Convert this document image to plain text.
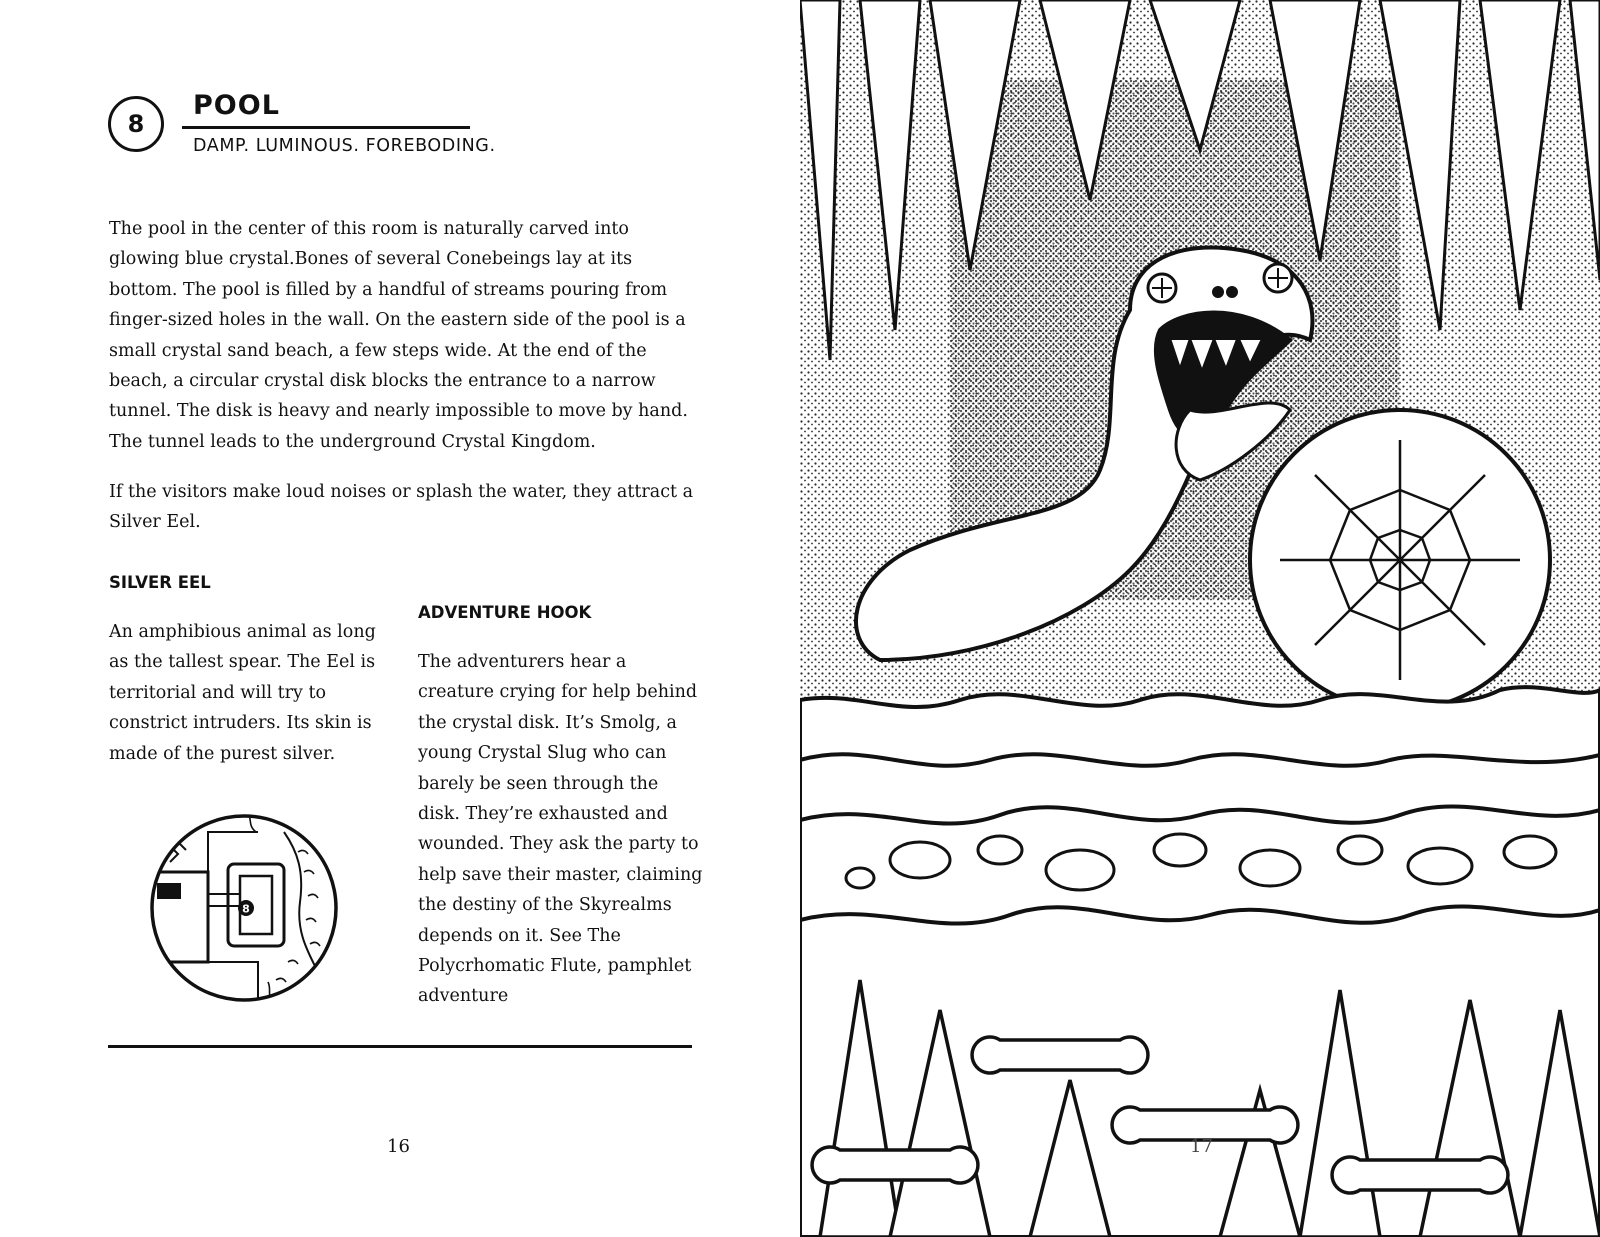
8
POOL
DAMP. LUMINOUS. FOREBODING.

The pool in the center of this room is naturally carved into glowing blue crystal.Bones of several Conebeings lay at its bottom. The pool is filled by a handful of streams pouring from finger-sized holes in the wall. On the eastern side of the pool is a small crystal sand beach, a few steps wide. At the end of the beach, a circular crystal disk blocks the entrance to a narrow tunnel. The disk is heavy and nearly impossible to move by hand. The tunnel leads to the underground Crystal Kingdom.

If the visitors make loud noises or splash the water, they attract a Silver Eel.

SILVER EEL

An amphibious animal as long as the tallest spear. The Eel is territorial and will try to constrict intruders. Its skin is made of the purest silver.

ADVENTURE HOOK

The adventurers hear a creature crying for help behind the crystal disk. It’s Smolg, a young Crystal Slug who can barely be seen through the disk. They’re exhausted and wounded. They ask the party to help save their master, claiming the destiny of the Skyrealms depends on it. See The Polycrhomatic Flute, pamphlet adventure

8
16	17
